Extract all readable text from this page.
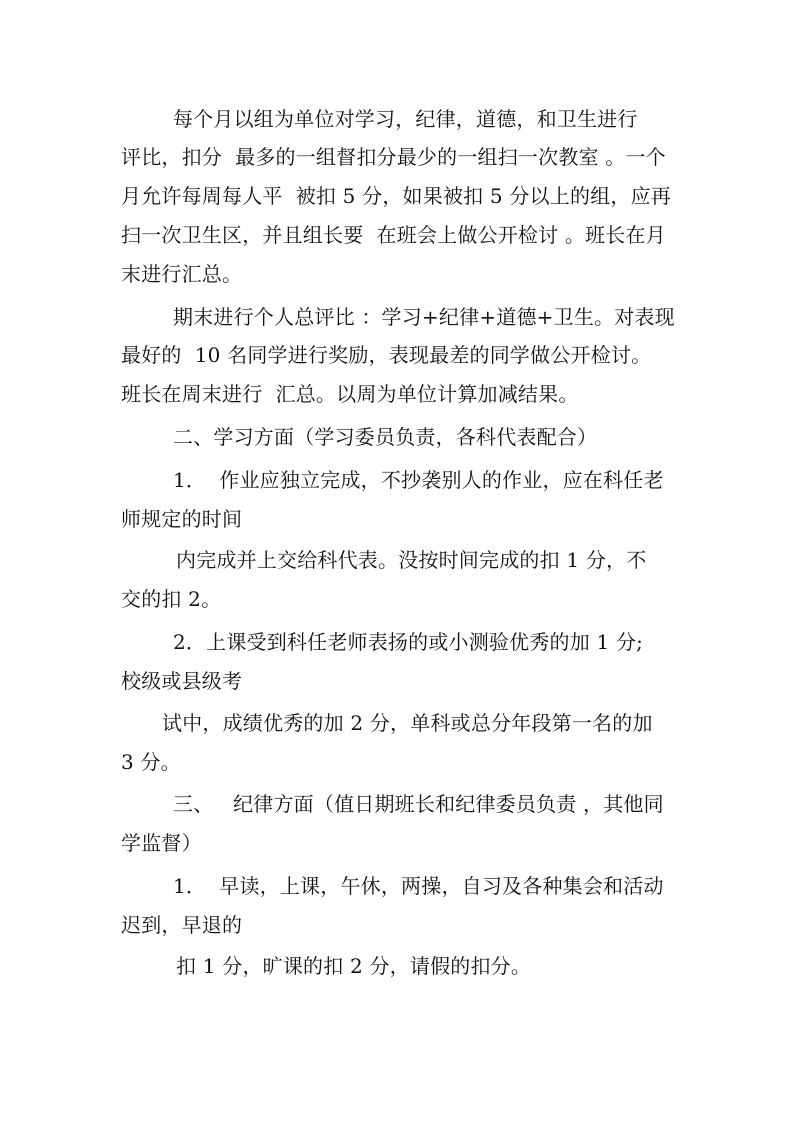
每个月以组为单位对学习，纪律，道德，和卫生进行
评比，扣分  最多的一组督扣分最少的一组扫一次教室 。一个
月允许每周每人平  被扣 5 分，如果被扣 5 分以上的组，应再
扫一次卫生区，并且组长要  在班会上做公开检讨 。班长在月
末进行汇总。
期末进行个人总评比 ：学习+纪律+道德+卫生。对表现
最好的  10 名同学进行奖励，表现最差的同学做公开检讨。
班长在周末进行  汇总。以周为单位计算加减结果。
二、学习方面（学习委员负责，各科代表配合）
1．  作业应独立完成，不抄袭别人的作业，应在科任老
师规定的时间
内完成并上交给科代表。没按时间完成的扣 1 分，不
交的扣 2。
2．上课受到科任老师表扬的或小测验优秀的加 1 分;
校级或县级考
试中，成绩优秀的加 2 分，单科或总分年段第一名的加
3 分。
三、   纪律方面（值日期班长和纪律委员负责 ，其他同
学监督）
1．  早读，上课，午休，两操，自习及各种集会和活动
迟到，早退的
扣 1 分，旷课的扣 2 分，请假的扣分。
